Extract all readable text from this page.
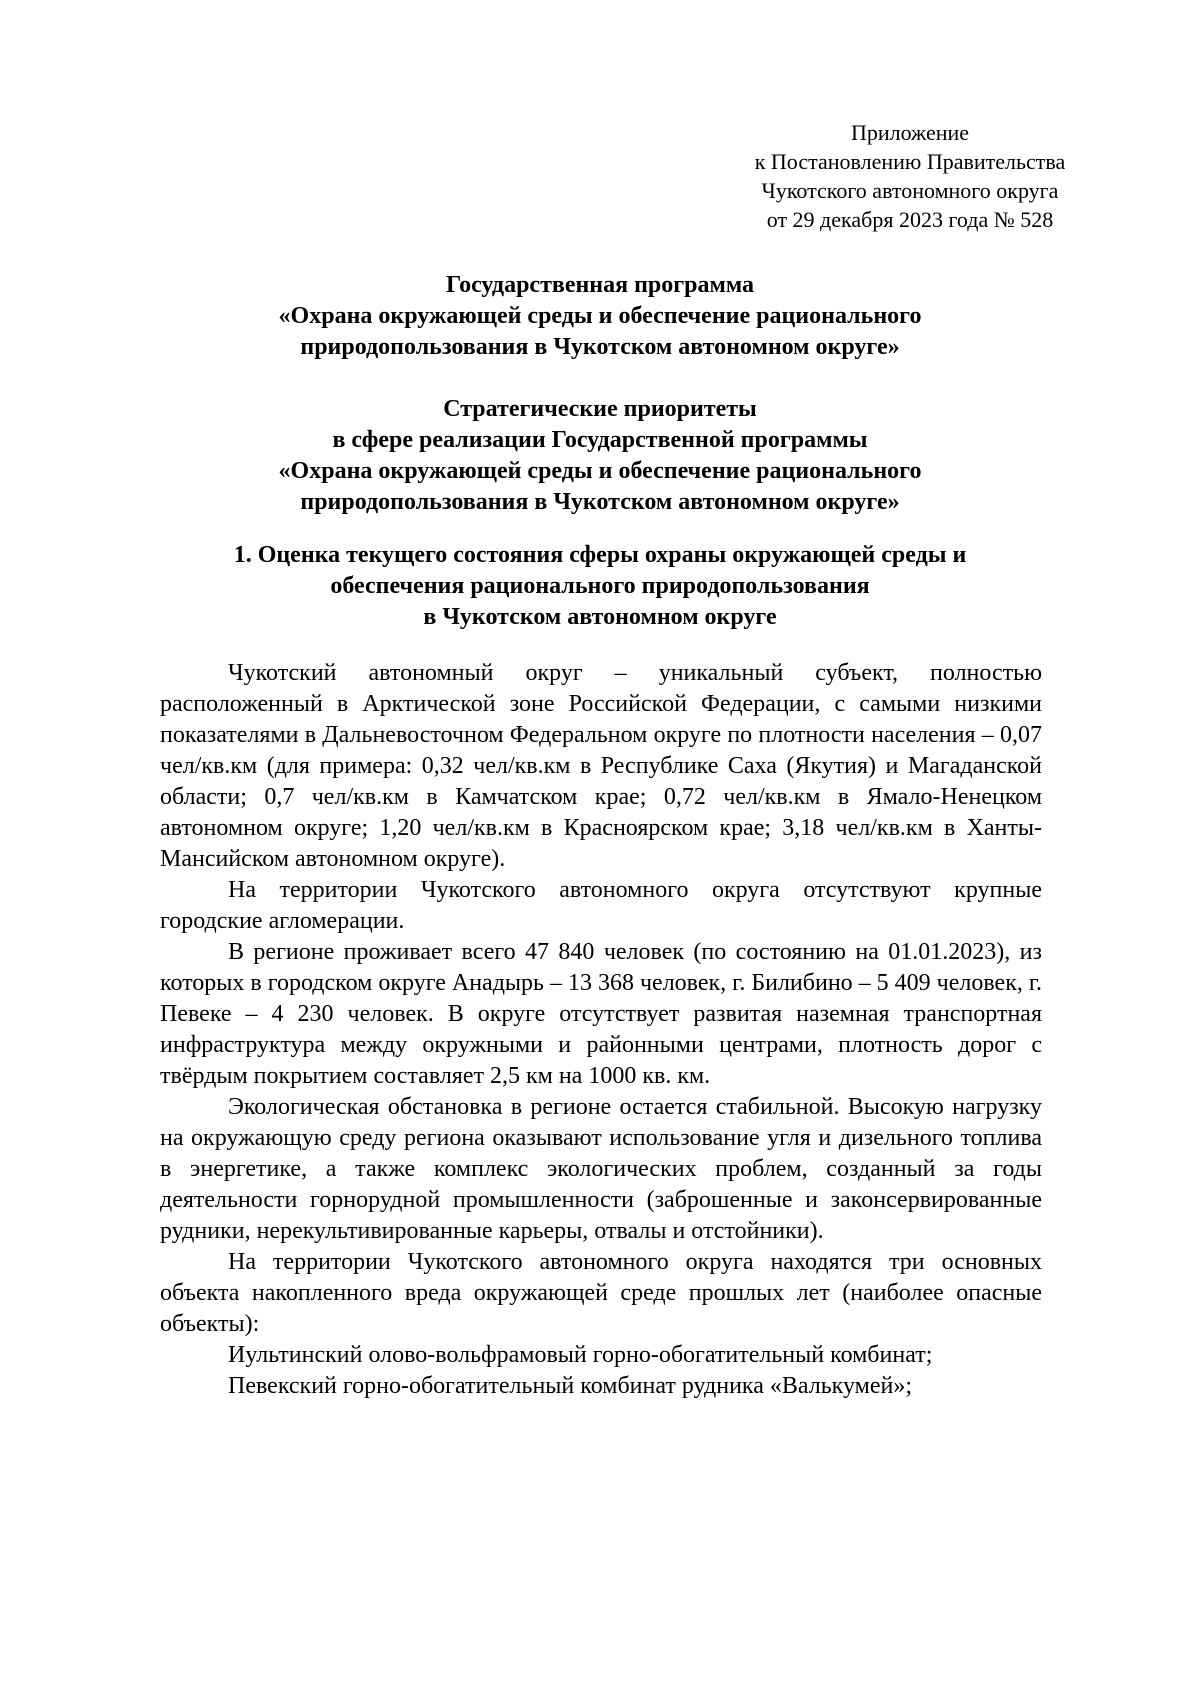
Приложение
к Постановлению Правительства
Чукотского автономного округа
от 29 декабря 2023 года № 528
Государственная программа
«Охрана окружающей среды и обеспечение рационального
природопользования в Чукотском автономном округе»
Стратегические приоритеты
в сфере реализации Государственной программы
«Охрана окружающей среды и обеспечение рационального
природопользования в Чукотском автономном округе»
1. Оценка текущего состояния сферы охраны окружающей среды и
обеспечения рационального природопользования
в Чукотском автономном округе

Чукотский автономный округ – уникальный субъект, полностью расположенный в Арктической зоне Российской Федерации, с самыми низкими показателями в Дальневосточном Федеральном округе по плотности населения – 0,07 чел/кв.км (для примера: 0,32 чел/кв.км в Республике Саха (Якутия) и Магаданской области; 0,7 чел/кв.км в Камчатском крае; 0,72 чел/кв.км в Ямало-Ненецком автономном округе; 1,20 чел/кв.км в Красноярском крае; 3,18 чел/кв.км в Ханты-Мансийском автономном округе).

На территории Чукотского автономного округа отсутствуют крупные городские агломерации.

В регионе проживает всего 47 840 человек (по состоянию на 01.01.2023), из которых в городском округе Анадырь – 13 368 человек, г. Билибино – 5 409 человек, г. Певеке – 4 230 человек. В округе отсутствует развитая наземная транспортная инфраструктура между окружными и районными центрами, плотность дорог с твёрдым покрытием составляет 2,5 км на 1000 кв. км.

Экологическая обстановка в регионе остается стабильной. Высокую нагрузку на окружающую среду региона оказывают использование угля и дизельного топлива в энергетике, а также комплекс экологических проблем, созданный за годы деятельности горнорудной промышленности (заброшенные и законсервированные рудники, нерекультивированные карьеры, отвалы и отстойники).

На территории Чукотского автономного округа находятся три основных объекта накопленного вреда окружающей среде прошлых лет (наиболее опасные объекты):

Иультинский олово-вольфрамовый горно-обогатительный комбинат;

Певекский горно-обогатительный комбинат рудника «Валькумей»;
